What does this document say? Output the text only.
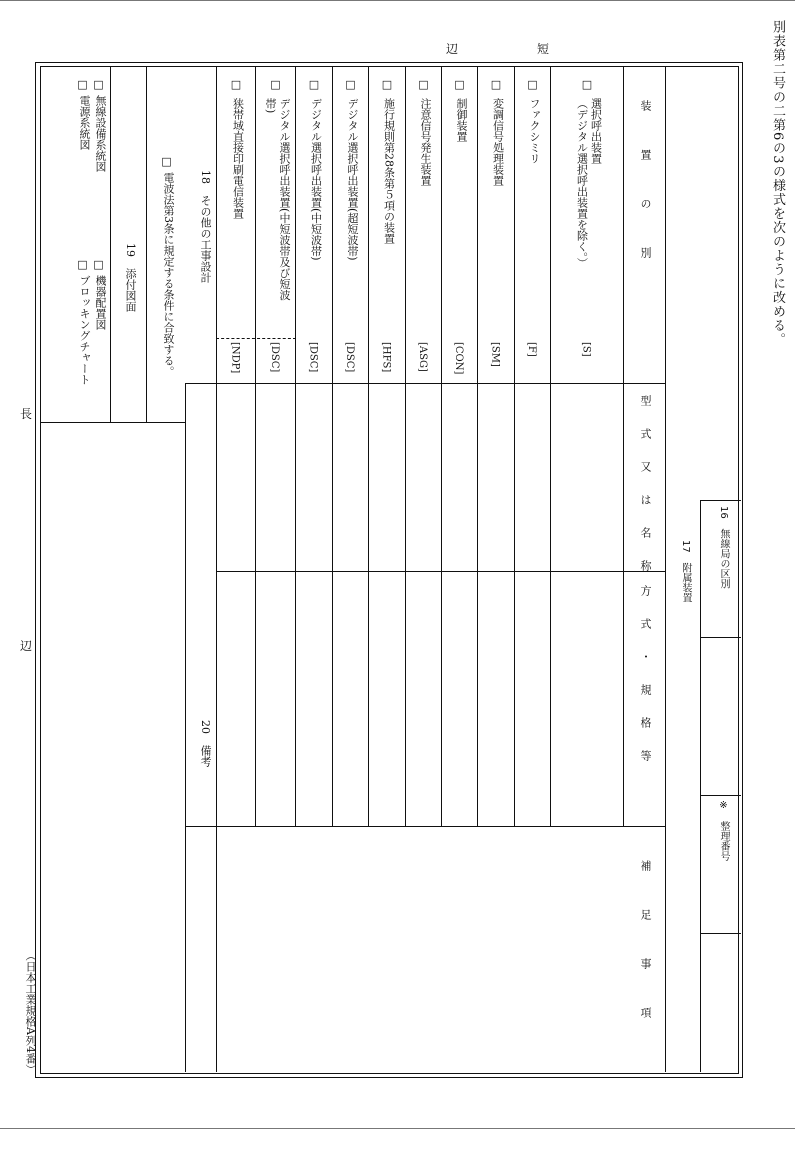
別表第二号の二第6の3の様式を次のように改める。
短
辺
長
辺
（日本工業規格A列4番）
16　無線局の区別
※　整理番号
17　附属装置
装置の別
型式又は名称
方式・規格等
補足事項
□
選択呼出装置
（デジタル選択呼出装置を除く。）
[S]
□
ファクシミリ
[F]
□
変調信号処理装置
[SM]
□
制御装置
[CON]
□
注意信号発生装置
[ASG]
□
施行規則第28条第５項の装置
[HFS]
□
デジタル選択呼出装置(超短波帯)
[DSC]
□
デジタル選択呼出装置(中短波帯)
[DSC]
□
デジタル選択呼出装置(中短波帯及び短波
帯)
[DSC]
□
狭帯域直接印刷電信装置
[NDP]
18　その他の工事設計
□
電波法第3条に規定する条件に合致する。
20　備考
19　添付図面
□
無線設備系統図
□
電源系統図
□
機器配置図
□
ブロッキングチャート
